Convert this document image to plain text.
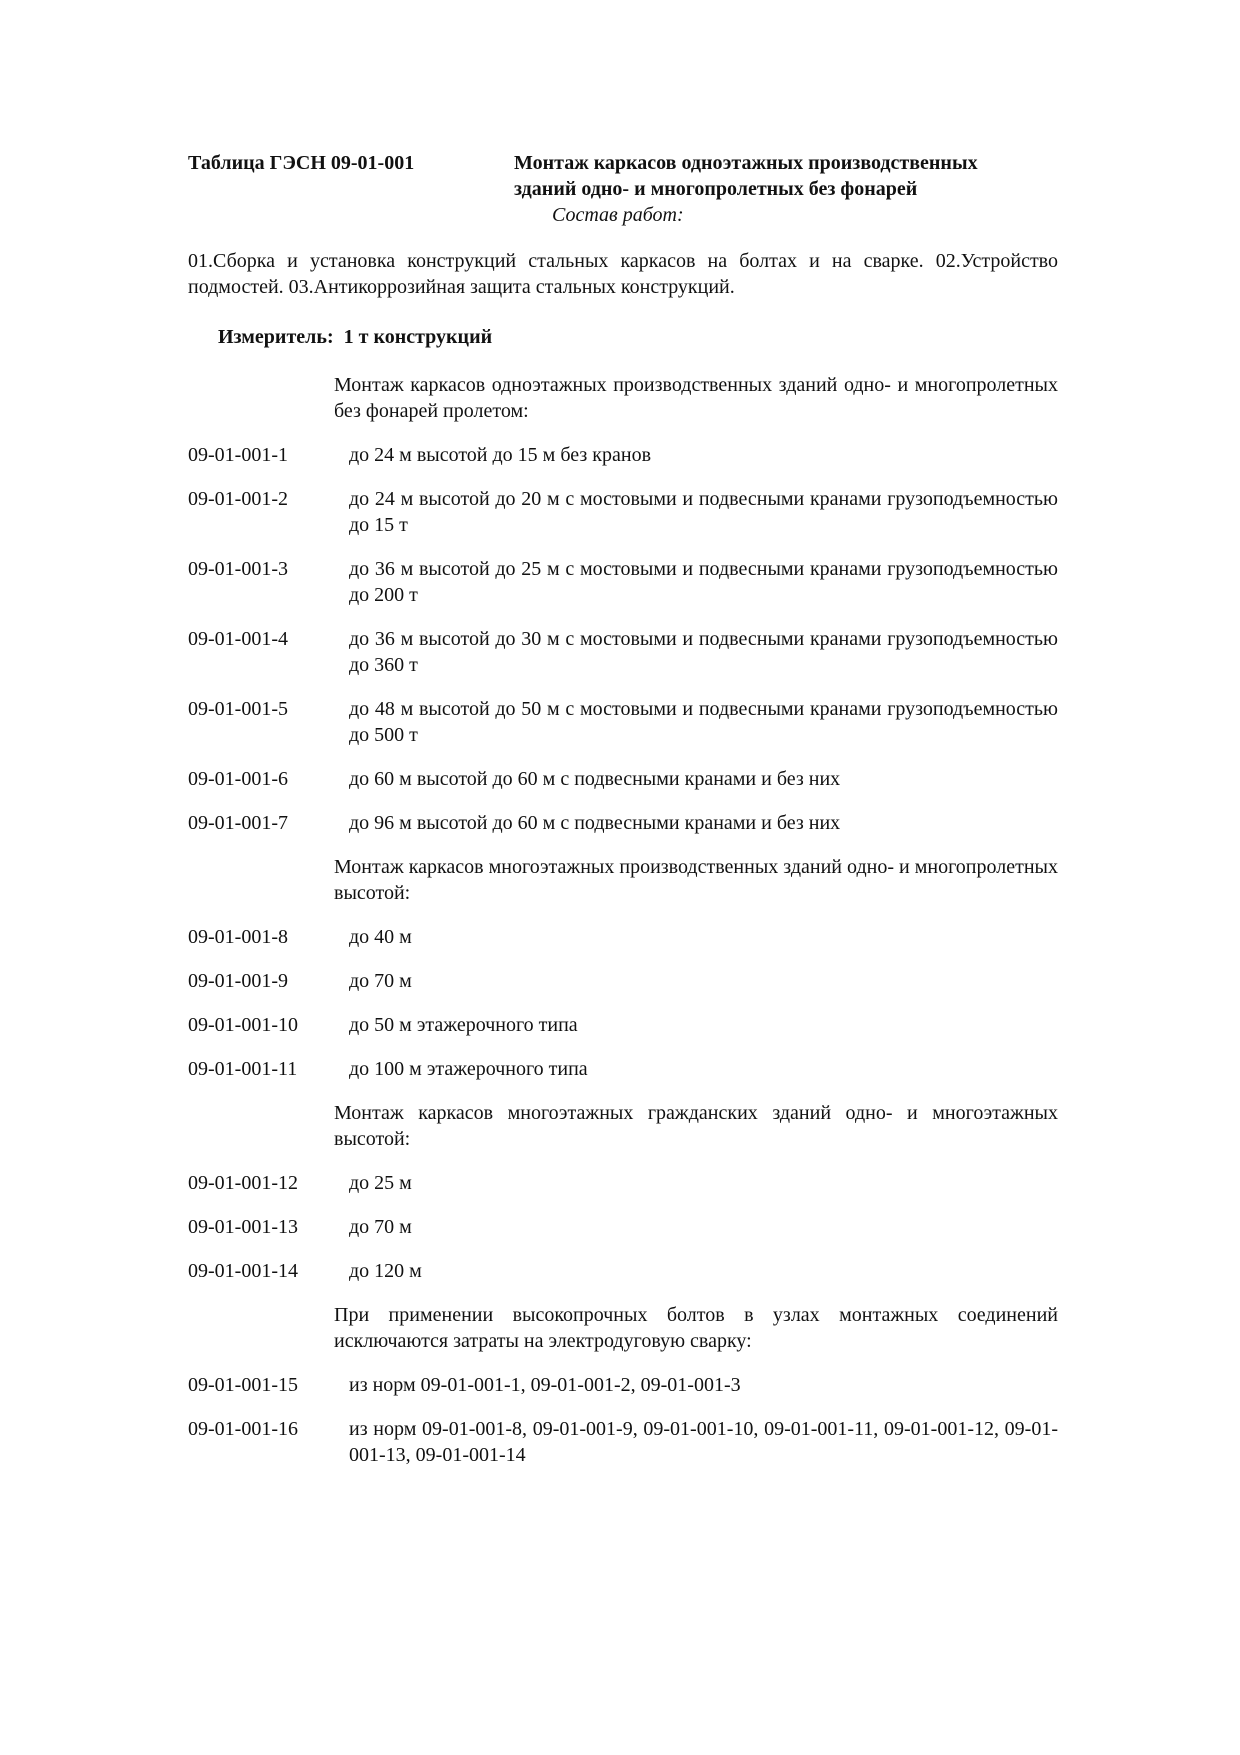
Таблица ГЭСН 09-01-001	Монтаж каркасов одноэтажных производственных зданий одно- и многопролетных без фонарей
Состав работ:
01.Сборка и установка конструкций стальных каркасов на болтах и на сварке. 02.Устройство подмостей. 03.Антикоррозийная защита стальных конструкций.
Измеритель: 1 т конструкций
Монтаж каркасов одноэтажных производственных зданий одно- и многопролетных без фонарей пролетом:
09-01-001-1	до 24 м высотой до 15 м без кранов
09-01-001-2	до 24 м высотой до 20 м с мостовыми и подвесными кранами грузоподъемностью до 15 т
09-01-001-3	до 36 м высотой до 25 м с мостовыми и подвесными кранами грузоподъемностью до 200 т
09-01-001-4	до 36 м высотой до 30 м с мостовыми и подвесными кранами грузоподъемностью до 360 т
09-01-001-5	до 48 м высотой до 50 м с мостовыми и подвесными кранами грузоподъемностью до 500 т
09-01-001-6	до 60 м высотой до 60 м с подвесными кранами и без них
09-01-001-7	до 96 м высотой до 60 м с подвесными кранами и без них
Монтаж каркасов многоэтажных производственных зданий одно- и многопролетных высотой:
09-01-001-8	до 40 м
09-01-001-9	до 70 м
09-01-001-10	до 50 м этажерочного типа
09-01-001-11	до 100 м этажерочного типа
Монтаж каркасов многоэтажных гражданских зданий одно- и многоэтажных высотой:
09-01-001-12	до 25 м
09-01-001-13	до 70 м
09-01-001-14	до 120 м
При применении высокопрочных болтов в узлах монтажных соединений исключаются затраты на электродуговую сварку:
09-01-001-15	из норм 09-01-001-1, 09-01-001-2, 09-01-001-3
09-01-001-16	из норм 09-01-001-8, 09-01-001-9, 09-01-001-10, 09-01-001-11, 09-01-001-12, 09-01-001-13, 09-01-001-14
